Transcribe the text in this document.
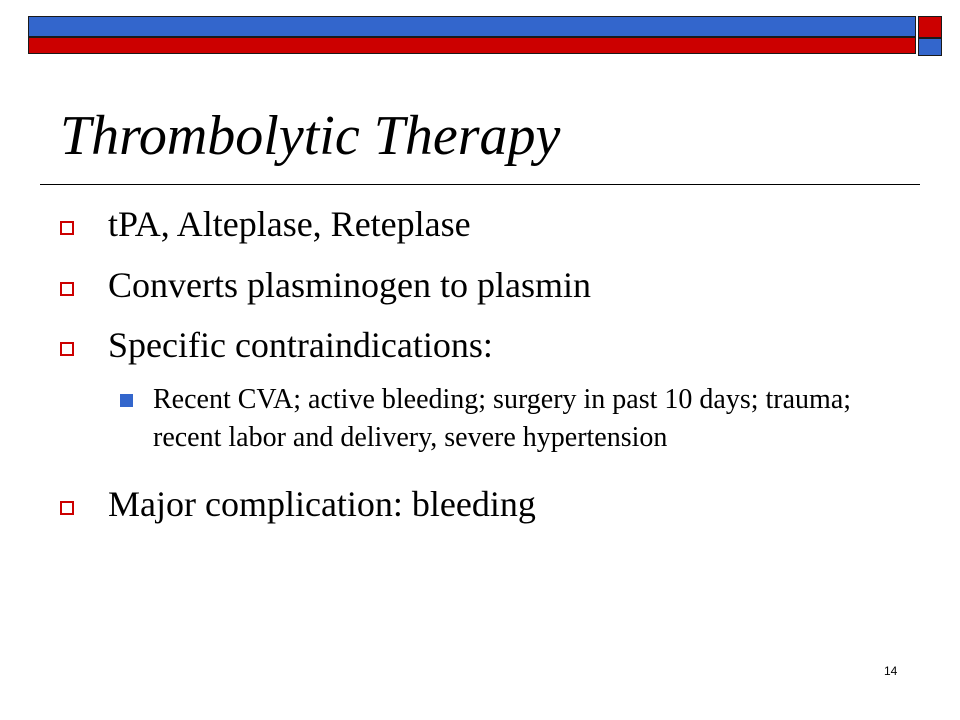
Thrombolytic Therapy
tPA, Alteplase, Reteplase
Converts plasminogen to plasmin
Specific contraindications:
Recent CVA; active bleeding; surgery in past 10 days; trauma; recent labor and delivery, severe hypertension
Major complication: bleeding
14
